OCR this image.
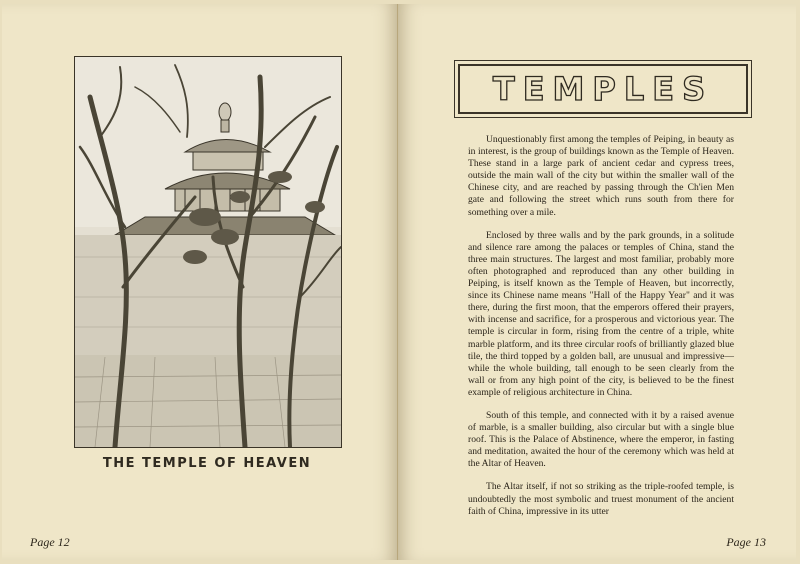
THE TEMPLE OF HEAVEN
Page 12
TEMPLES

Unquestionably first among the temples of Peiping, in beauty as in interest, is the group of buildings known as the Temple of Heaven. These stand in a large park of ancient cedar and cypress trees, outside the main wall of the city but within the smaller wall of the Chinese city, and are reached by passing through the Ch'ien Men gate and following the street which runs south from there for something over a mile.

Enclosed by three walls and by the park grounds, in a solitude and silence rare among the palaces or temples of China, stand the three main structures. The largest and most familiar, probably more often photographed and reproduced than any other building in Peiping, is itself known as the Temple of Heaven, but incorrectly, since its Chinese name means "Hall of the Happy Year" and it was there, during the first moon, that the emperors offered their prayers, with incense and sacrifice, for a prosperous and victorious year. The temple is circular in form, rising from the centre of a triple, white marble platform, and its three circular roofs of brilliantly glazed blue tile, the third topped by a golden ball, are unusual and impressive—while the whole building, tall enough to be seen clearly from the wall or from any high point of the city, is believed to be the finest example of religious architecture in China.

South of this temple, and connected with it by a raised avenue of marble, is a smaller building, also circular but with a single blue roof. This is the Palace of Abstinence, where the emperor, in fasting and meditation, awaited the hour of the ceremony which was held at the Altar of Heaven.

The Altar itself, if not so striking as the triple-roofed temple, is undoubtedly the most symbolic and truest monument of the ancient faith of China, impressive in its utter

Page 13
